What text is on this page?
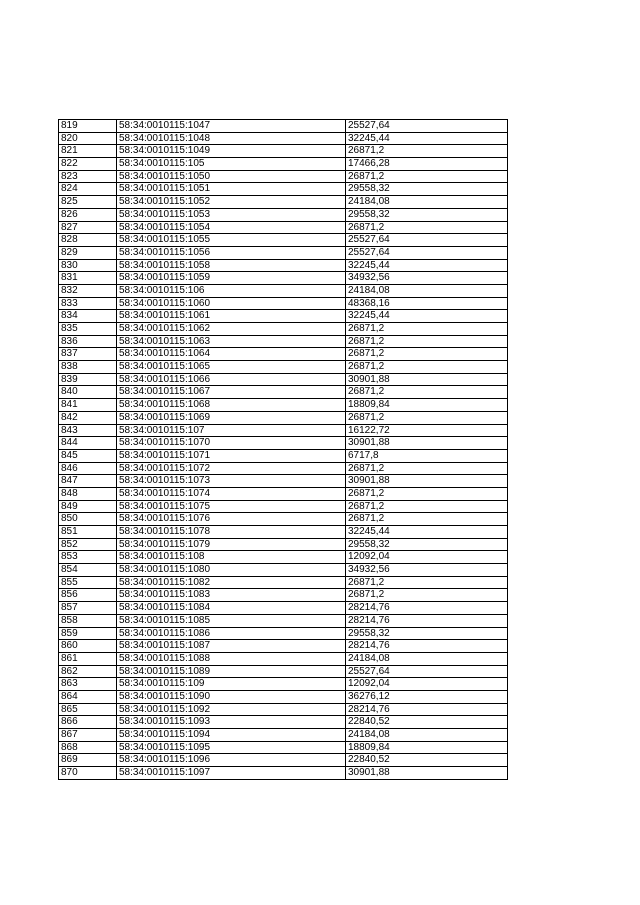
819	58:34:0010115:1047	25527,64
820	58:34:0010115:1048	32245,44
821	58:34:0010115:1049	26871,2
822	58:34:0010115:105	17466,28
823	58:34:0010115:1050	26871,2
824	58:34:0010115:1051	29558,32
825	58:34:0010115:1052	24184,08
826	58:34:0010115:1053	29558,32
827	58:34:0010115:1054	26871,2
828	58:34:0010115:1055	25527,64
829	58:34:0010115:1056	25527,64
830	58:34:0010115:1058	32245,44
831	58:34:0010115:1059	34932,56
832	58:34:0010115:106	24184,08
833	58:34:0010115:1060	48368,16
834	58:34:0010115:1061	32245,44
835	58:34:0010115:1062	26871,2
836	58:34:0010115:1063	26871,2
837	58:34:0010115:1064	26871,2
838	58:34:0010115:1065	26871,2
839	58:34:0010115:1066	30901,88
840	58:34:0010115:1067	26871,2
841	58:34:0010115:1068	18809,84
842	58:34:0010115:1069	26871,2
843	58:34:0010115:107	16122,72
844	58:34:0010115:1070	30901,88
845	58:34:0010115:1071	6717,8
846	58:34:0010115:1072	26871,2
847	58:34:0010115:1073	30901,88
848	58:34:0010115:1074	26871,2
849	58:34:0010115:1075	26871,2
850	58:34:0010115:1076	26871,2
851	58:34:0010115:1078	32245,44
852	58:34:0010115:1079	29558,32
853	58:34:0010115:108	12092,04
854	58:34:0010115:1080	34932,56
855	58:34:0010115:1082	26871,2
856	58:34:0010115:1083	26871,2
857	58:34:0010115:1084	28214,76
858	58:34:0010115:1085	28214,76
859	58:34:0010115:1086	29558,32
860	58:34:0010115:1087	28214,76
861	58:34:0010115:1088	24184,08
862	58:34:0010115:1089	25527,64
863	58:34:0010115:109	12092,04
864	58:34:0010115:1090	36276,12
865	58:34:0010115:1092	28214,76
866	58:34:0010115:1093	22840,52
867	58:34:0010115:1094	24184,08
868	58:34:0010115:1095	18809,84
869	58:34:0010115:1096	22840,52
870	58:34:0010115:1097	30901,88
